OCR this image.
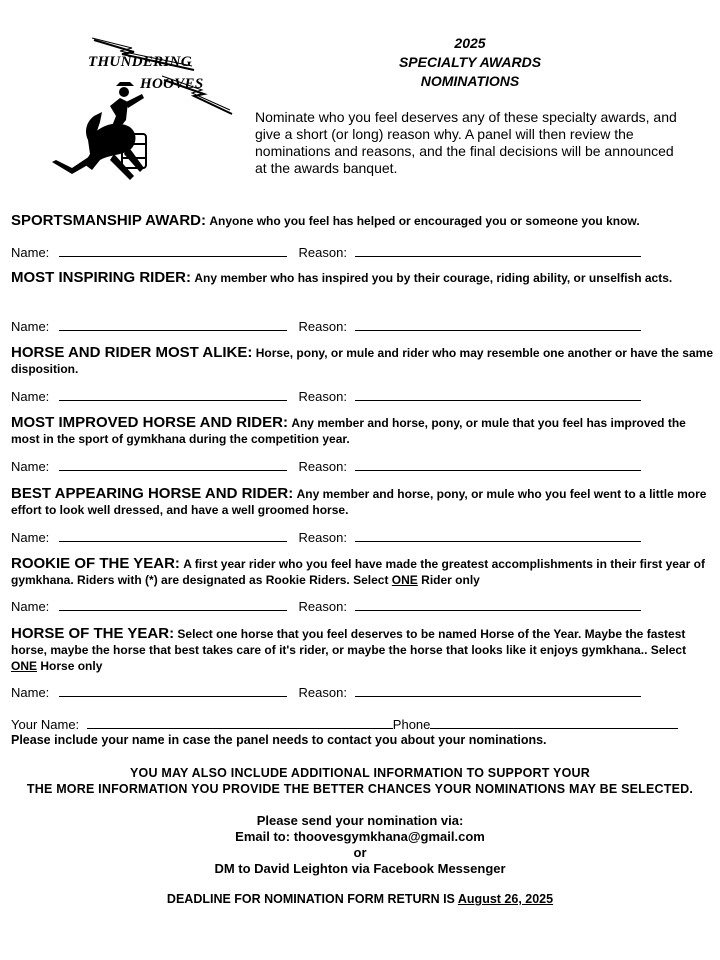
THUNDERING
HOOVES
2025
SPECIALTY AWARDS
NOMINATIONS
Nominate who you feel deserves any of these specialty awards, and give a short (or long) reason why. A panel will then review the nominations and reasons, and the final decisions will be announced at the awards banquet.
SPORTSMANSHIP AWARD: Anyone who you feel has helped or encouraged you or someone you know.
Name:	Reason:
MOST INSPIRING RIDER: Any member who has inspired you by their courage, riding ability, or unselfish acts.
Name:	Reason:
HORSE AND RIDER MOST ALIKE: Horse, pony, or mule and rider who may resemble one another or have the same disposition.
Name:	Reason:
MOST IMPROVED HORSE AND RIDER: Any member and horse, pony, or mule that you feel has improved the most in the sport of gymkhana during the competition year.
Name:	Reason:
BEST APPEARING HORSE AND RIDER: Any member and horse, pony, or mule who you feel went to a little more effort to look well dressed, and have a well groomed horse.
Name:	Reason:
ROOKIE OF THE YEAR: A first year rider who you feel have made the greatest accomplishments in their first year of gymkhana. Riders with (*) are designated as Rookie Riders. Select ONE Rider only
Name:	Reason:
HORSE OF THE YEAR: Select one horse that you feel deserves to be named Horse of the Year. Maybe the fastest horse, maybe the horse that best takes care of it's rider, or maybe the horse that looks like it enjoys gymkhana.. Select ONE Horse only
Name:	Reason:
Your Name:	Phone
Please include your name in case the panel needs to contact you about your nominations.
YOU MAY ALSO INCLUDE ADDITIONAL INFORMATION TO SUPPORT YOUR
THE MORE INFORMATION YOU PROVIDE THE BETTER CHANCES YOUR NOMINATIONS MAY BE SELECTED.
Please send your nomination via:
Email to: thoovesgymkhana@gmail.com
or
DM to David Leighton via Facebook Messenger
DEADLINE FOR NOMINATION FORM RETURN IS August 26, 2025
